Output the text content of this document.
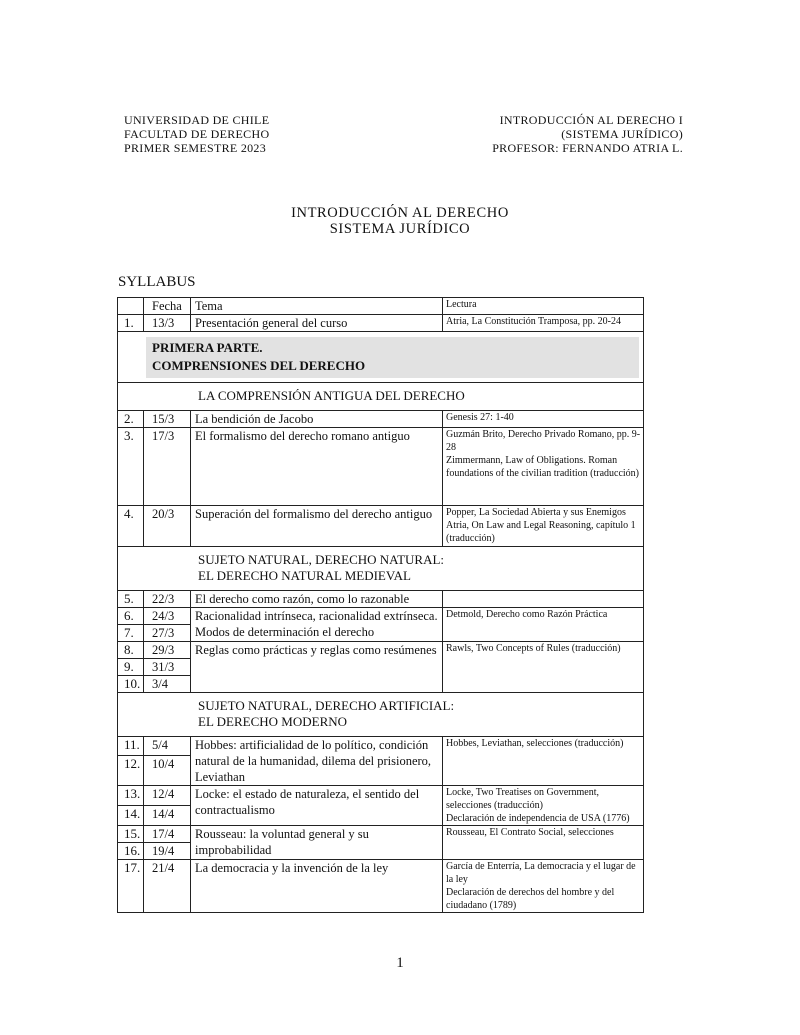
UNIVERSIDAD DE CHILE
FACULTAD DE DERECHO
PRIMER SEMESTRE 2023
INTRODUCCIÓN AL DERECHO I
(SISTEMA JURÍDICO)
PROFESOR: FERNANDO ATRIA L.
INTRODUCCIÓN AL DERECHO
SISTEMA JURÍDICO
SYLLABUS
	Fecha	Tema	Lectura
1.	13/3	Presentación general del curso	Atria, La Constitución Tramposa, pp. 20-24

PRIMERA PARTE.
COMPRENSIONES DEL DERECHO			

LA COMPRENSIÓN ANTIGUA DEL DERECHO			
2.	15/3	La bendición de Jacobo	Genesis 27: 1-40
3.	17/3	El formalismo del derecho romano antiguo	Guzmán Brito, Derecho Privado Romano, pp. 9-28
Zimmermann, Law of Obligations. Roman foundations of the civilian tradition (traducción)

4.	20/3	Superación del formalismo del derecho antiguo	Popper, La Sociedad Abierta y sus Enemigos
Atria, On Law and Legal Reasoning, capítulo 1 (traducción)

SUJETO NATURAL, DERECHO NATURAL:
EL DERECHO NATURAL MEDIEVAL			

5.	22/3	El derecho como razón, como lo razonable	
6.	24/3	Racionalidad intrínseca, racionalidad extrínseca. Modos de determinación el derecho	Detmold, Derecho como Razón Práctica
7.	27/3		
8.	29/3	Reglas como prácticas y reglas como resúmenes	Rawls, Two Concepts of Rules (traducción)
9.	31/3		
10.	3/4		

SUJETO NATURAL, DERECHO ARTIFICIAL:
EL DERECHO MODERNO			

11.	5/4	Hobbes: artificialidad de lo político, condición natural de la humanidad, dilema del prisionero, Leviathan	Hobbes, Leviathan, selecciones (traducción)
12.	10/4		
13.	12/4	Locke: el estado de naturaleza, el sentido del contractualismo	Locke, Two Treatises on Government, selecciones (traducción)
Declaración de independencia de USA (1776)

14.	14/4		
15.	17/4	Rousseau: la voluntad general y su improbabilidad	Rousseau, El Contrato Social, selecciones
16.	19/4		
17.	21/4	La democracia y la invención de la ley	García de Enterría, La democracia y el lugar de la ley
Declaración de derechos del hombre y del ciudadano (1789)
1
